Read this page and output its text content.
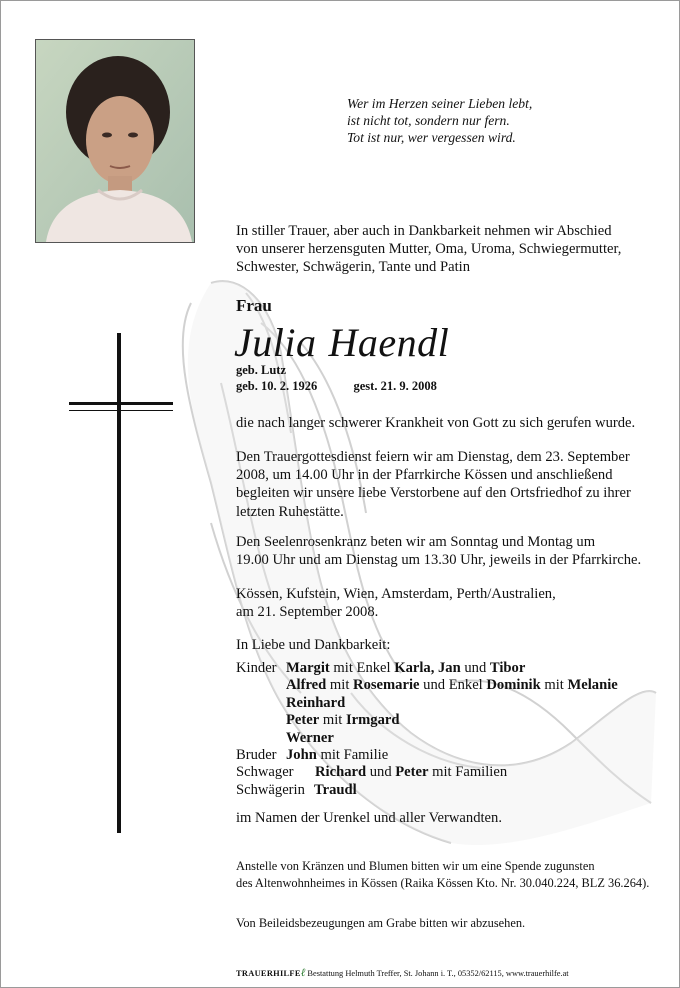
Wer im Herzen seiner Lieben lebt,
ist nicht tot, sondern nur fern.
Tot ist nur, wer vergessen wird.
In stiller Trauer, aber auch in Dankbarkeit nehmen wir Abschied
von unserer herzensguten Mutter, Oma, Uroma, Schwiegermutter,
Schwester, Schwägerin, Tante und Patin
Frau
Julia Haendl
geb. Lutz
geb. 10. 2. 1926	gest. 21. 9. 2008
die nach langer schwerer Krankheit von Gott zu sich gerufen wurde.
Den Trauergottesdienst feiern wir am Dienstag, dem 23. September
2008, um 14.00 Uhr in der Pfarrkirche Kössen und anschließend
begleiten wir unsere liebe Verstorbene auf den Ortsfriedhof zu ihrer
letzten Ruhestätte.
Den Seelenrosenkranz beten wir am Sonntag und Montag um
19.00 Uhr und am Dienstag um 13.30 Uhr, jeweils in der Pfarrkirche.
Kössen, Kufstein, Wien, Amsterdam, Perth/Australien,
am 21. September 2008.
In Liebe und Dankbarkeit:
Kinder Margit mit Enkel Karla, Jan und Tibor
Alfred mit Rosemarie und Enkel Dominik mit Melanie
Reinhard
Peter mit Irmgard
Werner
Bruder John mit Familie
Schwager	Richard und Peter mit Familien
Schwägerin Traudl
im Namen der Urenkel und aller Verwandten.
Anstelle von Kränzen und Blumen bitten wir um eine Spende zugunsten
des Altenwohnheimes in Kössen (Raika Kössen Kto. Nr. 30.040.224, BLZ 36.264).
Von Beileidsbezeugungen am Grabe bitten wir abzusehen.
TRAUERHILFEℓ Bestattung Helmuth Treffer, St. Johann i. T., 05352/62115, www.trauerhilfe.at
